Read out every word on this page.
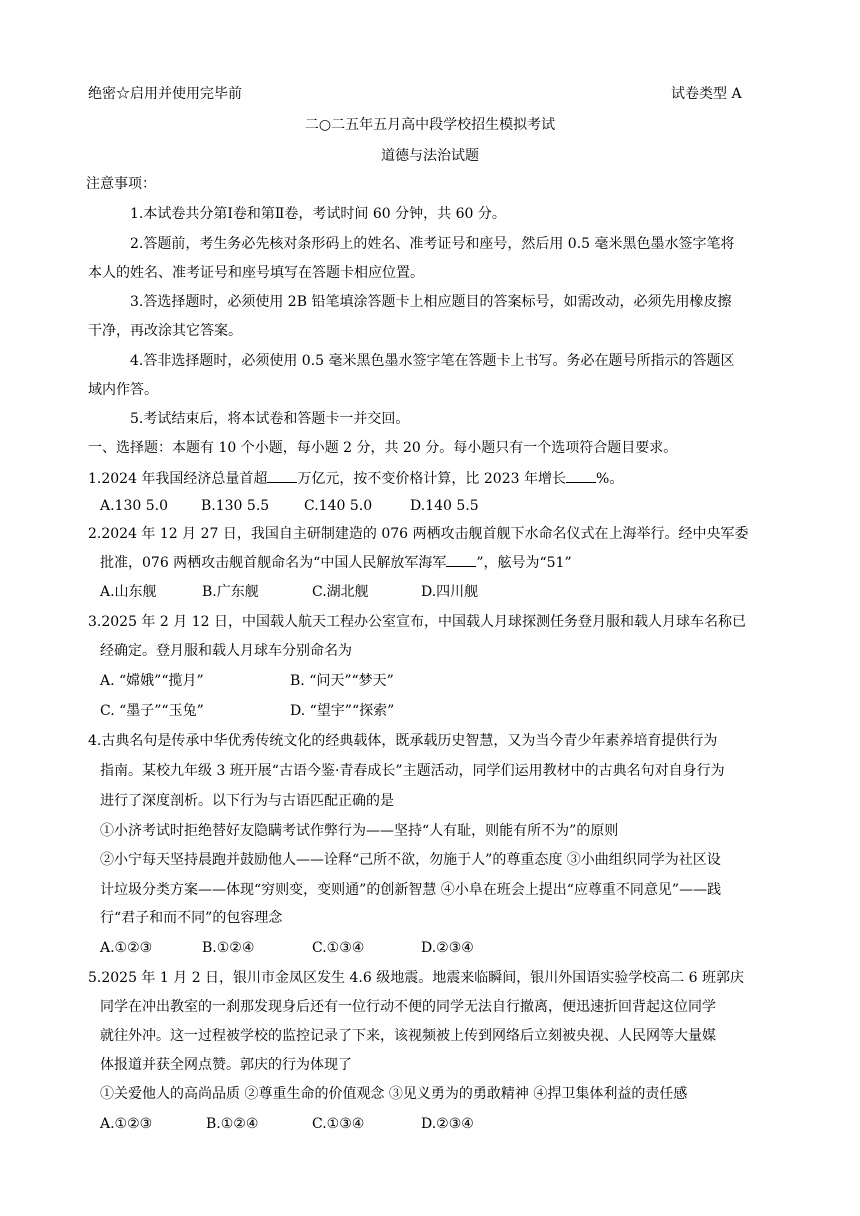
绝密☆启用并使用完毕前	试卷类型 A
二○二五年五月高中段学校招生模拟考试
道德与法治试题
注意事项：
1.本试卷共分第Ⅰ卷和第Ⅱ卷，考试时间 60 分钟，共 60 分。
2.答题前，考生务必先核对条形码上的姓名、准考证号和座号，然后用 0.5 毫米黑色墨水签字笔将
本人的姓名、准考证号和座号填写在答题卡相应位置。
3.答选择题时，必须使用 2B 铅笔填涂答题卡上相应题目的答案标号，如需改动，必须先用橡皮擦
干净，再改涂其它答案。
4.答非选择题时，必须使用 0.5 毫米黑色墨水签字笔在答题卡上书写。务必在题号所指示的答题区
域内作答。
5.考试结束后，将本试卷和答题卡一并交回。
一、选择题：本题有 10 个小题，每小题 2 分，共 20 分。每小题只有一个选项符合题目要求。
1.2024 年我国经济总量首超 万亿元，按不变价格计算，比 2023 年增长 %。
A.130 5.0 B.130 5.5 C.140 5.0	D.140 5.5
2.2024 年 12 月 27 日，我国自主研制建造的 076 两栖攻击舰首舰下水命名仪式在上海举行。经中央军委
批准，076 两栖攻击舰首舰命名为“中国人民解放军海军 ”，舷号为“51”
A.山东舰	B.广东舰	C.湖北舰	D.四川舰
3.2025 年 2 月 12 日，中国载人航天工程办公室宣布，中国载人月球探测任务登月服和载人月球车名称已
经确定。登月服和载人月球车分别命名为
A. “嫦娥”“揽月”	B. “问天”“梦天”
C. “墨子”“玉兔”	D. “望宇”“探索”
4.古典名句是传承中华优秀传统文化的经典载体，既承载历史智慧，又为当今青少年素养培育提供行为
指南。某校九年级 3 班开展“古语今鉴·青春成长”主题活动，同学们运用教材中的古典名句对自身行为
进行了深度剖析。以下行为与古语匹配正确的是
①小济考试时拒绝替好友隐瞒考试作弊行为——坚持“人有耻，则能有所不为”的原则
②小宁每天坚持晨跑并鼓励他人——诠释“己所不欲，勿施于人”的尊重态度 ③小曲组织同学为社区设
计垃圾分类方案——体现“穷则变，变则通”的创新智慧 ④小阜在班会上提出“应尊重不同意见”——践
行“君子和而不同”的包容理念
A.①②③	B.①②④	C.①③④	D.②③④
5.2025 年 1 月 2 日，银川市金凤区发生 4.6 级地震。地震来临瞬间，银川外国语实验学校高二 6 班郭庆
同学在冲出教室的一刹那发现身后还有一位行动不便的同学无法自行撤离，便迅速折回背起这位同学
就往外冲。这一过程被学校的监控记录了下来，该视频被上传到网络后立刻被央视、人民网等大量媒
体报道并获全网点赞。郭庆的行为体现了
①关爱他人的高尚品质 ②尊重生命的价值观念 ③见义勇为的勇敢精神 ④捍卫集体利益的责任感
A.①②③	B.①②④	C.①③④	D.②③④
